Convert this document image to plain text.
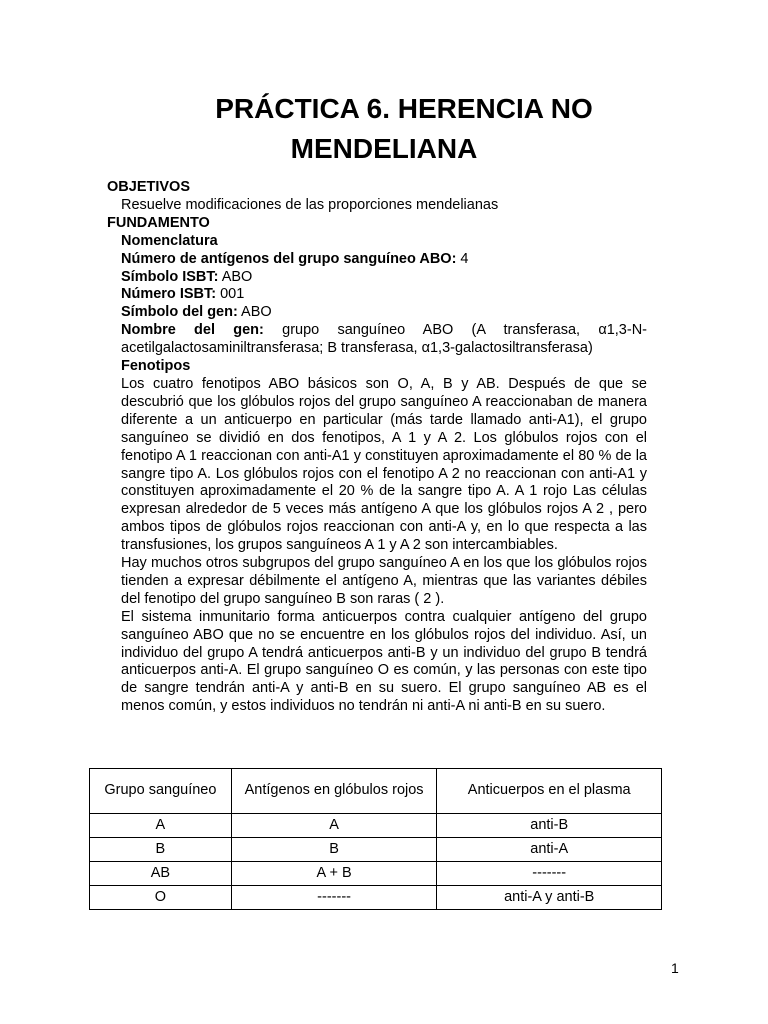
PRÁCTICA 6. HERENCIA NO
MENDELIANA
OBJETIVOS
Resuelve modificaciones de las proporciones mendelianas
FUNDAMENTO
Nomenclatura
Número de antígenos del grupo sanguíneo ABO: 4
Símbolo ISBT: ABO
Número ISBT: 001
Símbolo del gen: ABO
Nombre del gen: grupo sanguíneo ABO (A transferasa, α1,3-N-acetilgalactosaminiltransferasa; B transferasa, α1,3-galactosiltransferasa)
Fenotipos
Los cuatro fenotipos ABO básicos son O, A, B y AB. Después de que se descubrió que los glóbulos rojos del grupo sanguíneo A reaccionaban de manera diferente a un anticuerpo en particular (más tarde llamado anti-A1), el grupo sanguíneo se dividió en dos fenotipos, A 1 y A 2. Los glóbulos rojos con el fenotipo A 1 reaccionan con anti-A1 y constituyen aproximadamente el 80 % de la sangre tipo A. Los glóbulos rojos con el fenotipo A 2 no reaccionan con anti-A1 y constituyen aproximadamente el 20 % de la sangre tipo A. A 1 rojo Las células expresan alrededor de 5 veces más antígeno A que los glóbulos rojos A 2 , pero ambos tipos de glóbulos rojos reaccionan con anti-A y, en lo que respecta a las transfusiones, los grupos sanguíneos A 1 y A 2 son intercambiables.
Hay muchos otros subgrupos del grupo sanguíneo A en los que los glóbulos rojos tienden a expresar débilmente el antígeno A, mientras que las variantes débiles del fenotipo del grupo sanguíneo B son raras ( 2 ).
El sistema inmunitario forma anticuerpos contra cualquier antígeno del grupo sanguíneo ABO que no se encuentre en los glóbulos rojos del individuo. Así, un individuo del grupo A tendrá anticuerpos anti-B y un individuo del grupo B tendrá anticuerpos anti-A. El grupo sanguíneo O es común, y las personas con este tipo de sangre tendrán anti-A y anti-B en su suero. El grupo sanguíneo AB es el menos común, y estos individuos no tendrán ni anti-A ni anti-B en su suero.
Grupo sanguíneo	Antígenos en glóbulos rojos	Anticuerpos en el plasma
A	A	anti-B
B	B	anti-A
AB	A + B	-------
O	-------	anti-A y anti-B
1
